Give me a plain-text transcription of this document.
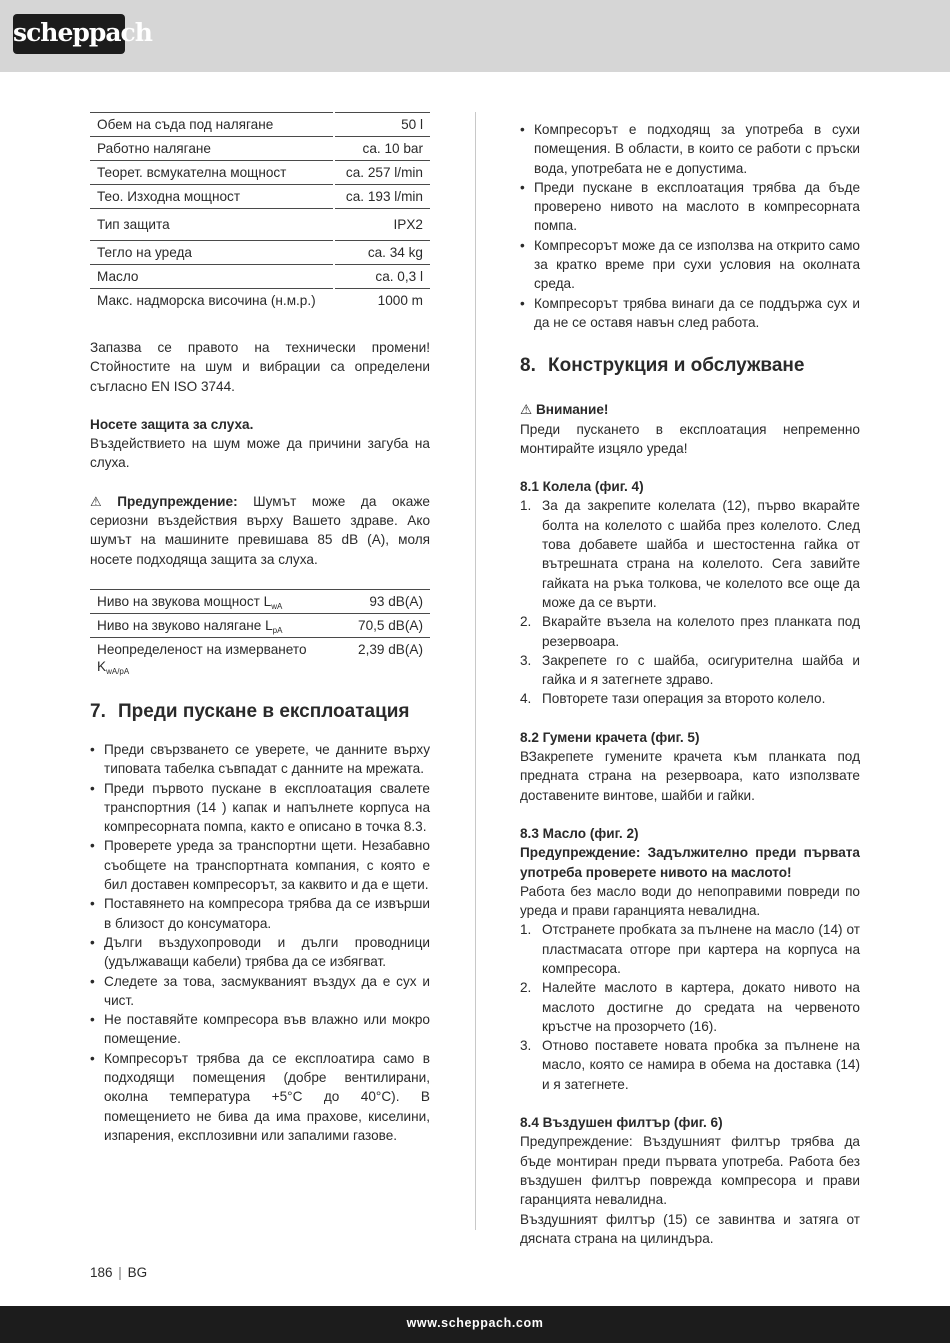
scheppach
Обем на съда под налягане	50 l
Работно налягане	ca. 10 bar
Теорет. всмукателна мощност	ca. 257 l/min
Тео. Изходна мощност	ca. 193 l/min
Тип защита	IPX2
Тегло на уреда	ca. 34 kg
Масло	ca. 0,3 l
Макс. надморска височина (н.м.р.)	1000 m

Запазва се правото на технически промени! Стойностите на шум и вибрации са определени съгласно EN ISO 3744.

Носете защита за слуха.

Въздействието на шум може да причини загуба на слуха.

⚠ Предупреждение: Шумът може да окаже сериозни въздействия върху Вашето здраве. Ако шумът на машините превишава 85 dB (A), моля носете подходяща защита за слуха.

Ниво на звукова мощност $L_{wA}$	93 dB(A)
Ниво на звуково налягане $L_{pA}$	70,5 dB(A)
Неопределеност на измерването $K_{wA/pA}$	2,39 dB(A)
7. Преди пускане в експлоатация
• Преди свързването се уверете, че данните върху типовата табелка съвпадат с данните на мрежата.
• Преди първото пускане в експлоатация свалете транспортния (14 ) капак и напълнете корпуса на компресорната помпа, както е описано в точка 8.3.
• Проверете уреда за транспортни щети. Незабавно съобщете на транспортната компания, с която е бил доставен компресорът, за каквито и да е щети.
• Поставянето на компресора трябва да се извърши в близост до консуматора.
• Дълги въздухопроводи и дълги проводници (удължаващи кабели) трябва да се избягват.
• Следете за това, засмукваният въздух да е сух и чист.
• Не поставяйте компресора във влажно или мокро помещение.
• Компресорът трябва да се експлоатира само в подходящи помещения (добре вентилирани, околна температура +5°C до 40°C). В помещението не бива да има прахове, киселини, изпарения, експлозивни или запалими газове.
• Компресорът е подходящ за употреба в сухи помещения. В области, в които се работи с пръски вода, употребата не е допустима.
• Преди пускане в експлоатация трябва да бъде проверено нивото на маслото в компресорната помпа.
• Компресорът може да се използва на открито само за кратко време при сухи условия на околната среда.
• Компресорът трябва винаги да се поддържа сух и да не се оставя навън след работа.
8. Конструкция и обслужване

⚠ Внимание!

Преди пускането в експлоатация непременно монтирайте изцяло уреда!

8.1 Колела (фиг. 4)

1. За да закрепите колелата (12), първо вкарайте болта на колелото с шайба през колелото. След това добавете шайба и шестостенна гайка от вътрешната страна на колелото. Сега завийте гайката на ръка толкова, че колелото все още да може да се върти.
2. Вкарайте възела на колелото през планката под резервоара.
3. Закрепете го с шайба, осигурителна шайба и гайка и я затегнете здраво.
4. Повторете тази операция за второто колело.

8.2 Гумени крачета (фиг. 5)

ВЗакрепете гумените крачета към планката под предната страна на резервоара, като използвате доставените винтове, шайби и гайки.

8.3 Масло (фиг. 2)

Предупреждение: Задължително преди първата употреба проверете нивото на маслото!

Работа без масло води до непоправими повреди по уреда и прави гаранцията невалидна.

1. Отстранете пробката за пълнене на масло (14) от пластмасата отгоре при картера на корпуса на компресора.
2. Налейте маслото в картера, докато нивото на маслото достигне до средата на червеното кръстче на прозорчето (16).
3. Отново поставете новата пробка за пълнене на масло, която се намира в обема на доставка (14) и я затегнете.

8.4 Въздушен филтър (фиг. 6)

Предупреждение: Въздушният филтър трябва да бъде монтиран преди първата употреба. Работа без въздушен филтър поврежда компресора и прави гаранцията невалидна.

Въздушният филтър (15) се завинтва и затяга от дясната страна на цилиндъра.

186 | BG
www.scheppach.com
